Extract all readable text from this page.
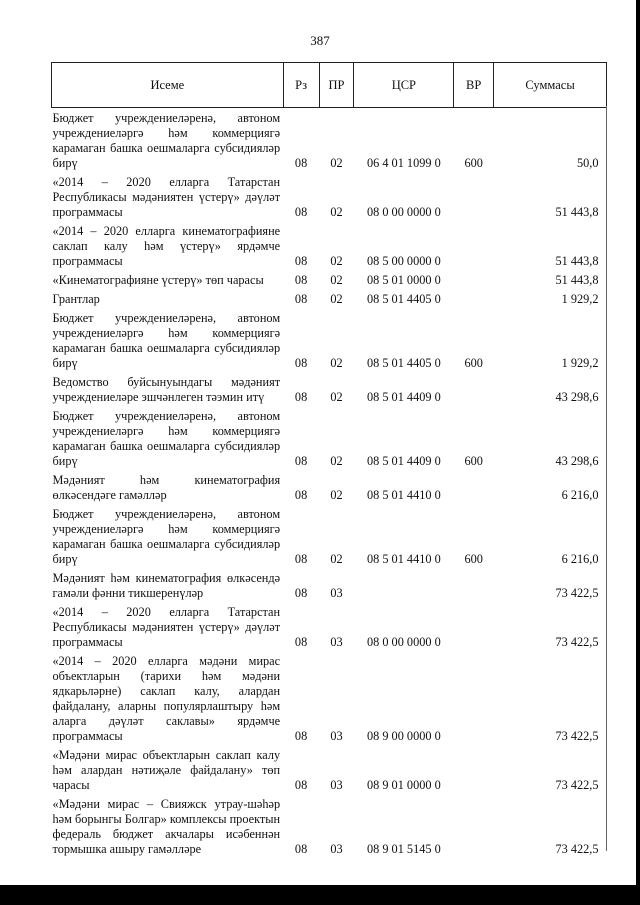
387
Исеме	Рз	ПР	ЦСР	ВР	Суммасы
Бюджет учреждениеләренә, автоном учреждениеләргә һәм коммерциягә карамаган башка оешмаларга субсидияләр бирү	08	02	06 4 01 1099 0	600	50,0
«2014 – 2020 елларга Татарстан Республикасы мәдәниятен үстерү» дәүләт программасы	08	02	08 0 00 0000 0		51 443,8
«2014 – 2020 елларга кинематографияне саклап калу һәм үстерү» ярдәмче программасы	08	02	08 5 00 0000 0		51 443,8
«Кинематографияне үстерү» төп чарасы	08	02	08 5 01 0000 0		51 443,8
Грантлар	08	02	08 5 01 4405 0		1 929,2
Бюджет учреждениеләренә, автоном учреждениеләргә һәм коммерциягә карамаган башка оешмаларга субсидияләр бирү	08	02	08 5 01 4405 0	600	1 929,2
Ведомство буйсынуындагы мәдәният учреждениеләре эшчәнлеген тәэмин итү	08	02	08 5 01 4409 0		43 298,6
Бюджет учреждениеләренә, автоном учреждениеләргә һәм коммерциягә карамаган башка оешмаларга субсидияләр бирү	08	02	08 5 01 4409 0	600	43 298,6
Мәдәният һәм кинематография өлкәсендәге гамәлләр	08	02	08 5 01 4410 0		6 216,0
Бюджет учреждениеләренә, автоном учреждениеләргә һәм коммерциягә карамаган башка оешмаларга субсидияләр бирү	08	02	08 5 01 4410 0	600	6 216,0
Мәдәният һәм кинематография өлкәсендә гамәли фәнни тикшеренүләр	08	03			73 422,5
«2014 – 2020 елларга Татарстан Республикасы мәдәниятен үстерү» дәүләт программасы	08	03	08 0 00 0000 0		73 422,5
«2014 – 2020 елларга мәдәни мирас объектларын (тарихи һәм мәдәни ядкарьләрне) саклап калу, алардан файдалану, аларны популярлаштыру һәм аларга дәүләт саклавы» ярдәмче программасы	08	03	08 9 00 0000 0		73 422,5
«Мәдәни мирас объектларын саклап калу һәм алардан нәтиҗәле файдалану» төп чарасы	08	03	08 9 01 0000 0		73 422,5
«Мәдәни мирас – Свияжск утрау-шәһәр һәм борынгы Болгар» комплексы проектын федераль бюджет акчалары исәбеннән тормышка ашыру гамәлләре	08	03	08 9 01 5145 0		73 422,5
